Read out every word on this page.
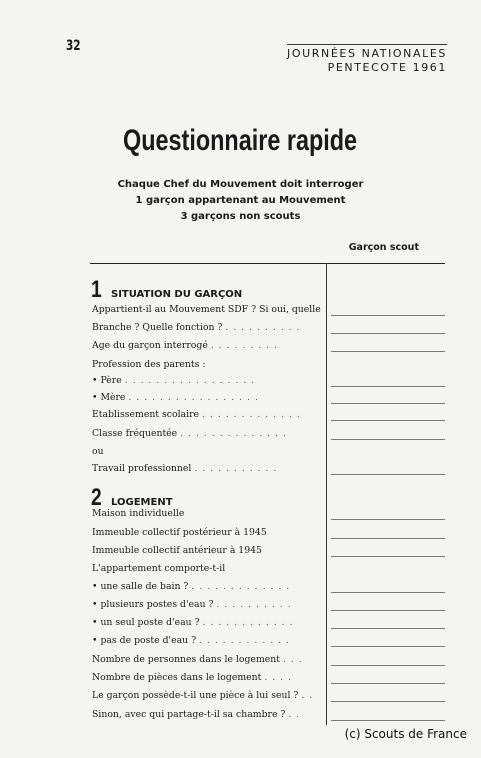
32	JOURNÉES NATIONALES
PENTECOTE 1961
Questionnaire rapide
Chaque Chef du Mouvement doit interroger
1 garçon appartenant au Mouvement
3 garçons non scouts
Garçon scout
1 SITUATION DU GARÇON
Appartient-il au Mouvement SDF ? Si oui, quelle
Branche ? Quelle fonction ? . . . . . . . . . .
Age du garçon interrogé . . . . . . . . .
Profession des parents :
• Père . . . . . . . . . . . . . . . . .
• Mère . . . . . . . . . . . . . . . . .
Etablissement scolaire . . . . . . . . . . . . .
Classe fréquentée . . . . . . . . . . . . . .
ou
Travail professionnel . . . . . . . . . . .
2 LOGEMENT
Maison individuelle
Immeuble collectif postérieur à 1945
Immeuble collectif antérieur à 1945
L'appartement comporte-t-il
• une salle de bain ? . . . . . . . . . . . . .
• plusieurs postes d'eau ? . . . . . . . . . .
• un seul poste d'eau ? . . . . . . . . . . . .
• pas de poste d'eau ? . . . . . . . . . . . .
Nombre de personnes dans le logement . . .
Nombre de pièces dans le logement . . . .
Le garçon possède-t-il une pièce à lui seul ? . .
Sinon, avec qui partage-t-il sa chambre ? . .
(c) Scouts de France
